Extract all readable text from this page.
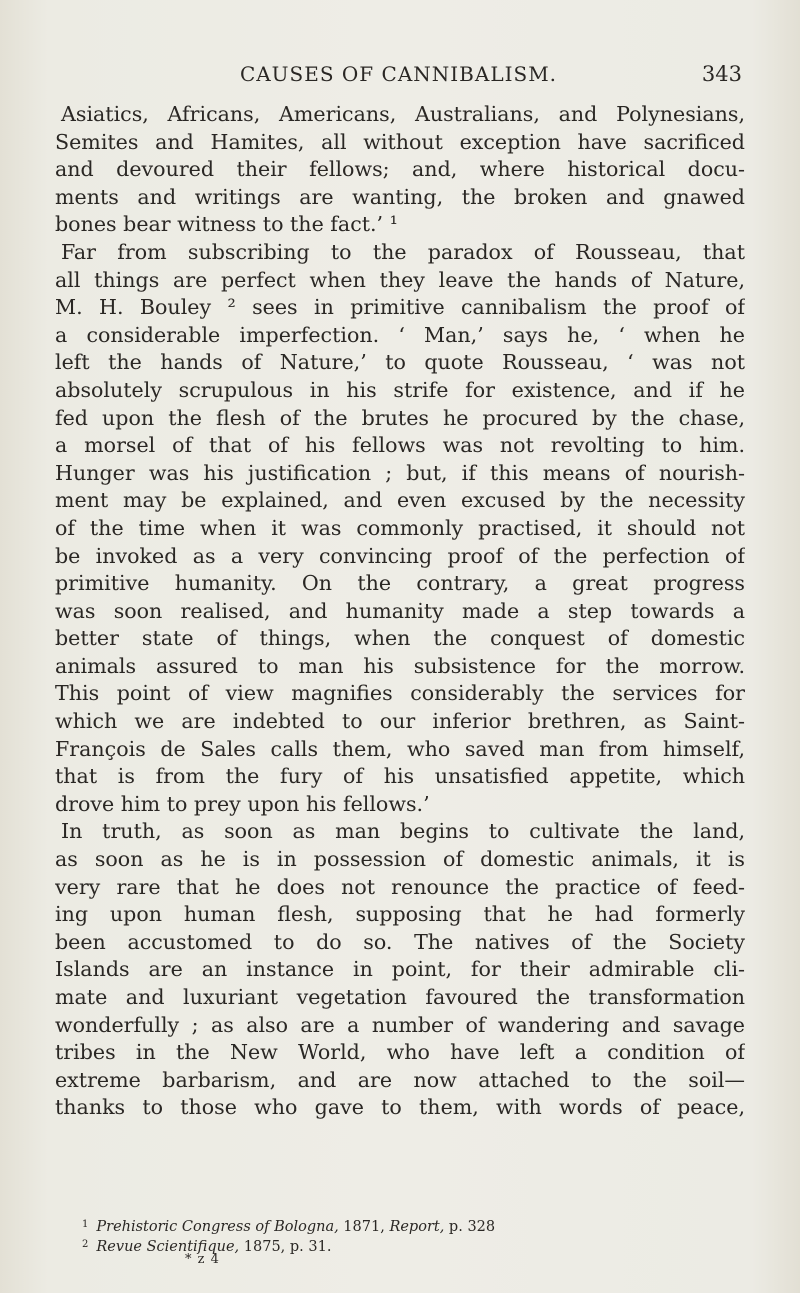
CAUSES OF CANNIBALISM.	343
Asiatics, Africans, Americans, Australians, and Polynesians,
Semites and Hamites, all without exception have sacrificed
and devoured their fellows; and, where historical docu-
ments and writings are wanting, the broken and gnawed
bones bear witness to the fact.’ ¹
Far from subscribing to the paradox of Rousseau, that
all things are perfect when they leave the hands of Nature,
M. H. Bouley ² sees in primitive cannibalism the proof of
a considerable imperfection. ‘ Man,’ says he, ‘ when he
left the hands of Nature,’ to quote Rousseau, ‘ was not
absolutely scrupulous in his strife for existence, and if he
fed upon the flesh of the brutes he procured by the chase,
a morsel of that of his fellows was not revolting to him.
Hunger was his justification ; but, if this means of nourish-
ment may be explained, and even excused by the necessity
of the time when it was commonly practised, it should not
be invoked as a very convincing proof of the perfection of
primitive humanity. On the contrary, a great progress
was soon realised, and humanity made a step towards a
better state of things, when the conquest of domestic
animals assured to man his subsistence for the morrow.
This point of view magnifies considerably the services for
which we are indebted to our inferior brethren, as Saint-
François de Sales calls them, who saved man from himself,
that is from the fury of his unsatisfied appetite, which
drove him to prey upon his fellows.’
In truth, as soon as man begins to cultivate the land,
as soon as he is in possession of domestic animals, it is
very rare that he does not renounce the practice of feed-
ing upon human flesh, supposing that he had formerly
been accustomed to do so. The natives of the Society
Islands are an instance in point, for their admirable cli-
mate and luxuriant vegetation favoured the transformation
wonderfully ; as also are a number of wandering and savage
tribes in the New World, who have left a condition of
extreme barbarism, and are now attached to the soil—
thanks to those who gave to them, with words of peace,
$^1$ Prehistoric Congress of Bologna, 1871, Report, p. 328
$^2$ Revue Scientifique, 1875, p. 31.
* z 4
